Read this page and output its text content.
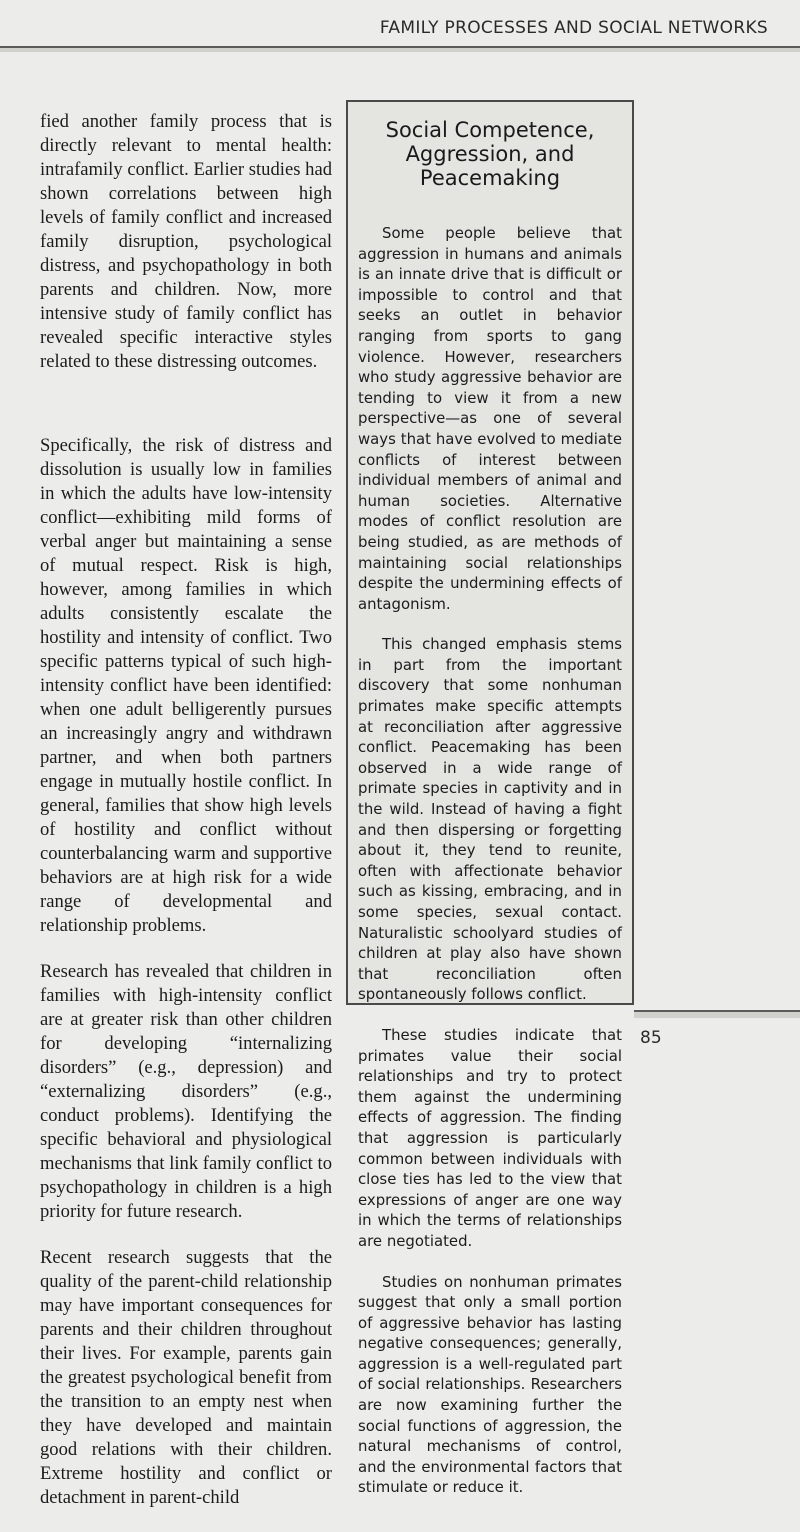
FAMILY PROCESSES AND SOCIAL NETWORKS

fied another family process that is directly relevant to mental health: intrafamily conflict. Earlier studies had shown correlations between high levels of family conflict and increased family disruption, psychological distress, and psychopathology in both parents and children. Now, more intensive study of family conflict has revealed specific interactive styles related to these distressing outcomes.

Specifically, the risk of distress and dissolution is usually low in families in which the adults have low-intensity conflict—exhibiting mild forms of verbal anger but maintaining a sense of mutual respect. Risk is high, however, among families in which adults consistently escalate the hostility and intensity of conflict. Two specific patterns typical of such high-intensity conflict have been identified: when one adult belligerently pursues an increasingly angry and withdrawn partner, and when both partners engage in mutually hostile conflict. In general, families that show high levels of hostility and conflict without counterbalancing warm and supportive behaviors are at high risk for a wide range of developmental and relationship problems.

Research has revealed that children in families with high-intensity conflict are at greater risk than other children for developing “internalizing disorders” (e.g., depression) and “externalizing disorders” (e.g., conduct problems). Identifying the specific behavioral and physiological mechanisms that link family conflict to psychopathology in children is a high priority for future research.

Recent research suggests that the quality of the parent-child relationship may have important consequences for parents and their children throughout their lives. For example, parents gain the greatest psychological benefit from the transition to an empty nest when they have developed and maintain good relations with their children. Extreme hostility and conflict or detachment in parent-child

Social Competence, Aggression, and Peacemaking

Some people believe that aggression in humans and animals is an innate drive that is difficult or impossible to control and that seeks an outlet in behavior ranging from sports to gang violence. However, researchers who study aggressive behavior are tending to view it from a new perspective—as one of several ways that have evolved to mediate conflicts of interest between individual members of animal and human societies. Alternative modes of conflict resolution are being studied, as are methods of maintaining social relationships despite the undermining effects of antagonism.

This changed emphasis stems in part from the important discovery that some nonhuman primates make specific attempts at reconciliation after aggressive conflict. Peacemaking has been observed in a wide range of primate species in captivity and in the wild. Instead of having a fight and then dispersing or forgetting about it, they tend to reunite, often with affectionate behavior such as kissing, embracing, and in some species, sexual contact. Naturalistic schoolyard studies of children at play also have shown that reconciliation often spontaneously follows conflict.

These studies indicate that primates value their social relationships and try to protect them against the undermining effects of aggression. The finding that aggression is particularly common between individuals with close ties has led to the view that expressions of anger are one way in which the terms of relationships are negotiated.

Studies on nonhuman primates suggest that only a small portion of aggressive behavior has lasting negative consequences; generally, aggression is a well-regulated part of social relationships. Researchers are now examining further the social functions of aggression, the natural mechanisms of control, and the environmental factors that stimulate or reduce it.

85
